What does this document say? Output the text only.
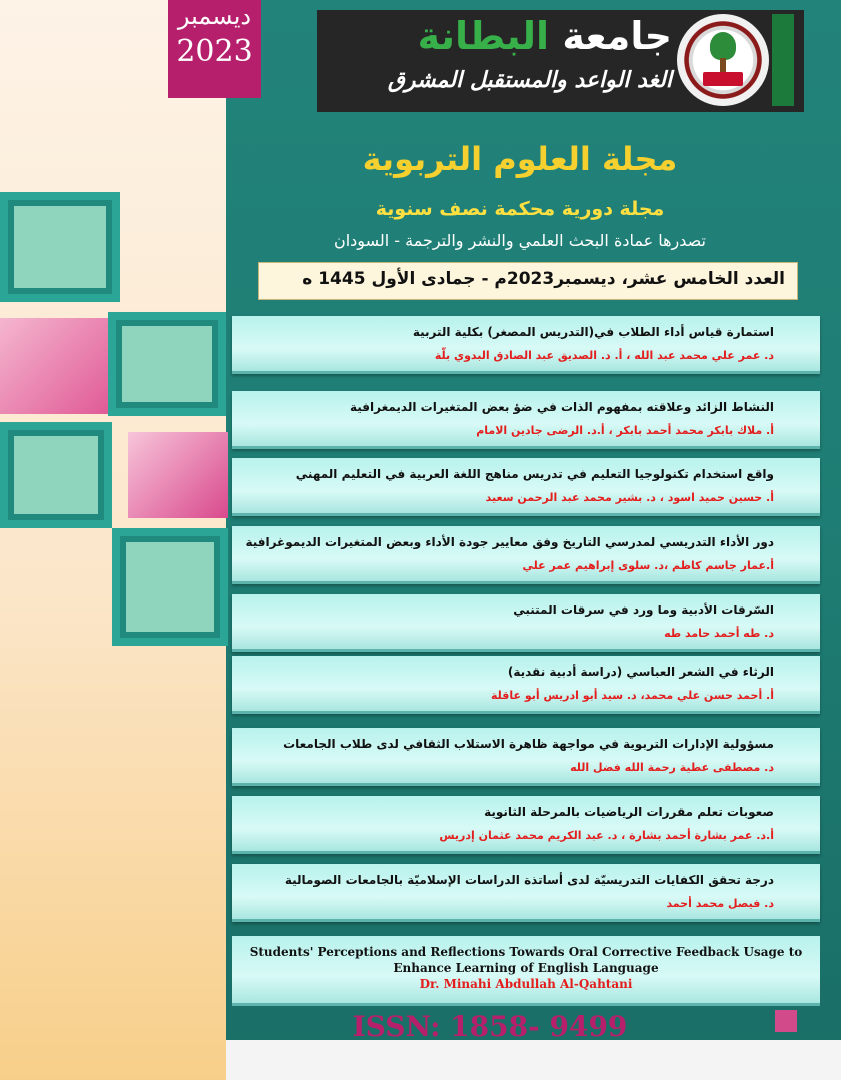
ديسمبر
2023	جامعة البطانة
الغد الواعد والمستقبل المشرق
مجلة العلوم التربوية
مجلة دورية محكمة نصف سنوية
تصدرها عمادة البحث العلمي والنشر والترجمة - السودان
العدد الخامس عشر، ديسمبر2023م - جمادى الأول 1445 ه
استمارة قياس أداء الطلاب في(التدريس المصغر) بكلية التربية
د. عمر علي محمد عبد الله ، أ. د. الصديق عبد الصادق البدوي بلّة
النشاط الزائد وعلاقته بمفهوم الذات في ضؤ بعض المتغيرات الديمغرافية
أ. ملاك بابكر محمد أحمد بابكر ، أ.د. الرضى جادين الامام
واقع استخدام تكنولوجيا التعليم في تدريس مناهج اللغة العربية في التعليم المهني
أ. حسين حميد اسود ، د. بشير محمد عبد الرحمن سعيد
دور الأداء التدريسي لمدرسي التاريخ وفق معايير جودة الأداء وبعض المتغيرات الديموغرافية
أ.عمار جاسم كاظم ،د. سلوى إبراهيم عمر علي
السّرقات الأدبية وما ورد في سرقات المتنبي
د. طه أحمد حامد طه
الرثاء في الشعر العباسي (دراسة أدبية نقدية)
أ. أحمد حسن علي محمد، د. سيد أبو ادريس أبو عاقلة
مسؤولية الإدارات التربوية في مواجهة ظاهرة الاستلاب الثقافي لدى طلاب الجامعات
د. مصطفى عطية رحمة الله فضل الله
صعوبات تعلم مقررات الرياضيات بالمرحلة الثانوية
أ.د. عمر بشارة أحمد بشارة ، د. عبد الكريم محمد عثمان إدريس
درجة تحقق الكفايات التدريسيّة لدى أساتذة الدراسات الإسلاميّة بالجامعات الصومالية
د. فيصل محمد أحمد
Students' Perceptions and Reflections Towards Oral Corrective Feedback Usage to Enhance Learning of English Language
Dr. Minahi Abdullah Al-Qahtani
ISSN: 1858- 9499
